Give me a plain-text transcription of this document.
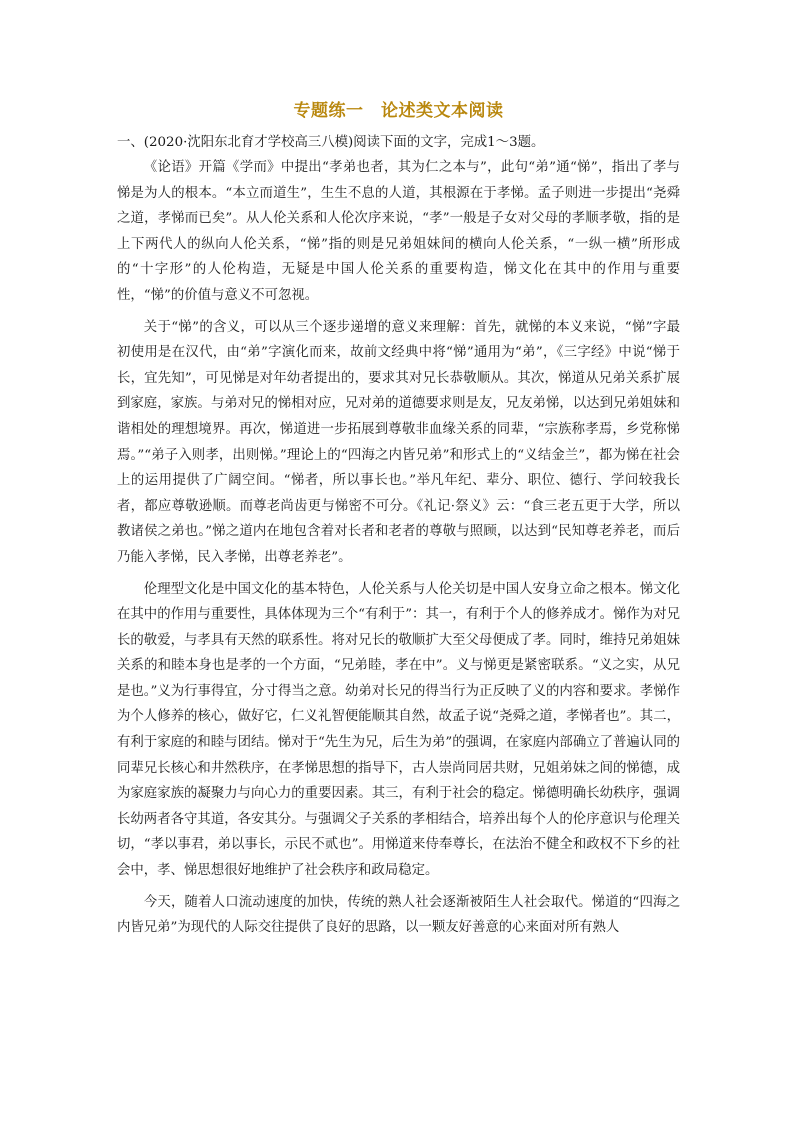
专题练一　论述类文本阅读

一、(2020·沈阳东北育才学校高三八模)阅读下面的文字，完成1～3题。

《论语》开篇《学而》中提出“孝弟也者，其为仁之本与”，此句“弟”通“悌”，指出了孝与悌是为人的根本。“本立而道生”，生生不息的人道，其根源在于孝悌。孟子则进一步提出“尧舜之道，孝悌而已矣”。从人伦关系和人伦次序来说，“孝”一般是子女对父母的孝顺孝敬，指的是上下两代人的纵向人伦关系，“悌”指的则是兄弟姐妹间的横向人伦关系，“一纵一横”所形成的“十字形”的人伦构造，无疑是中国人伦关系的重要构造，悌文化在其中的作用与重要性，“悌”的价值与意义不可忽视。

关于“悌”的含义，可以从三个逐步递增的意义来理解：首先，就悌的本义来说，“悌”字最初使用是在汉代，由“弟”字演化而来，故前文经典中将“悌”通用为“弟”，《三字经》中说“悌于长，宜先知”，可见悌是对年幼者提出的，要求其对兄长恭敬顺从。其次，悌道从兄弟关系扩展到家庭，家族。与弟对兄的悌相对应，兄对弟的道德要求则是友，兄友弟悌，以达到兄弟姐妹和谐相处的理想境界。再次，悌道进一步拓展到尊敬非血缘关系的同辈，“宗族称孝焉，乡党称悌焉。”“弟子入则孝，出则悌。”理论上的“四海之内皆兄弟”和形式上的“义结金兰”，都为悌在社会上的运用提供了广阔空间。“悌者，所以事长也。”举凡年纪、辈分、职位、德行、学问较我长者，都应尊敬逊顺。而尊老尚齿更与悌密不可分。《礼记·祭义》云：“食三老五更于大学，所以教诸侯之弟也。”悌之道内在地包含着对长者和老者的尊敬与照顾，以达到“民知尊老养老，而后乃能入孝悌，民入孝悌，出尊老养老”。

伦理型文化是中国文化的基本特色，人伦关系与人伦关切是中国人安身立命之根本。悌文化在其中的作用与重要性，具体体现为三个“有利于”：其一，有利于个人的修养成才。悌作为对兄长的敬爱，与孝具有天然的联系性。将对兄长的敬顺扩大至父母便成了孝。同时，维持兄弟姐妹关系的和睦本身也是孝的一个方面，“兄弟睦，孝在中”。义与悌更是紧密联系。“义之实，从兄是也。”义为行事得宜，分寸得当之意。幼弟对长兄的得当行为正反映了义的内容和要求。孝悌作为个人修养的核心，做好它，仁义礼智便能顺其自然，故孟子说“尧舜之道，孝悌者也”。其二，有利于家庭的和睦与团结。悌对于“先生为兄，后生为弟”的强调，在家庭内部确立了普遍认同的同辈兄长核心和井然秩序，在孝悌思想的指导下，古人崇尚同居共财，兄姐弟妹之间的悌德，成为家庭家族的凝聚力与向心力的重要因素。其三，有利于社会的稳定。悌德明确长幼秩序，强调长幼两者各守其道，各安其分。与强调父子关系的孝相结合，培养出每个人的伦序意识与伦理关切，“孝以事君，弟以事长，示民不贰也”。用悌道来侍奉尊长，在法治不健全和政权不下乡的社会中，孝、悌思想很好地维护了社会秩序和政局稳定。

今天，随着人口流动速度的加快，传统的熟人社会逐渐被陌生人社会取代。悌道的“四海之内皆兄弟”为现代的人际交往提供了良好的思路，以一颗友好善意的心来面对所有熟人
